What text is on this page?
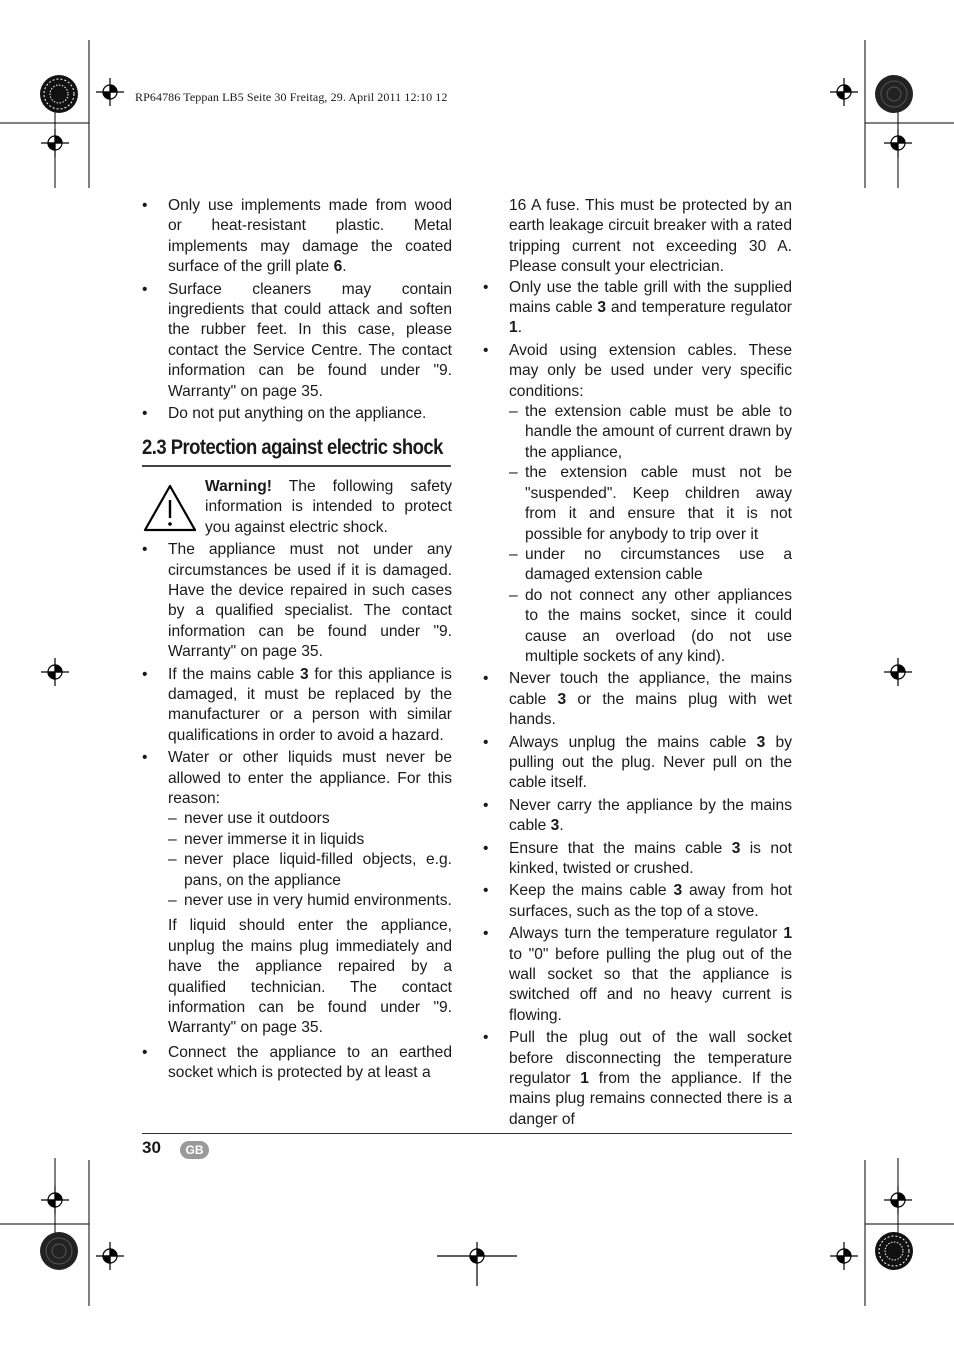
RP64786 Teppan LB5 Seite 30 Freitag, 29. April 2011 12:10 12

• Only use implements made from wood or heat-resistant plastic. Metal implements may damage the coated surface of the grill plate 6.

• Surface cleaners may contain ingredients that could attack and soften the rubber feet. In this case, please contact the Service Centre. The contact information can be found under "9. Warranty" on page 35.

• Do not put anything on the appliance.

2.3 Protection against electric shock

Warning! The following safety information is intended to protect you against electric shock.

• The appliance must not under any circumstances be used if it is damaged. Have the device repaired in such cases by a qualified specialist. The contact information can be found under "9. Warranty" on page 35.

• If the mains cable 3 for this appliance is damaged, it must be replaced by the manufacturer or a person with similar qualifications in order to avoid a hazard.

• Water or other liquids must never be allowed to enter the appliance. For this reason:

– never use it outdoors
– never immerse it in liquids
– never place liquid-filled objects, e.g. pans, on the appliance
– never use in very humid environments.

If liquid should enter the appliance, unplug the mains plug immediately and have the appliance repaired by a qualified technician. The contact information can be found under "9. Warranty" on page 35.

• Connect the appliance to an earthed socket which is protected by at least a

16 A fuse. This must be protected by an earth leakage circuit breaker with a rated tripping current not exceeding 30 A. Please consult your electrician.

• Only use the table grill with the supplied mains cable 3 and temperature regulator 1.

• Avoid using extension cables. These may only be used under very specific conditions:

– the extension cable must be able to handle the amount of current drawn by the appliance,
– the extension cable must not be "suspended". Keep children away from it and ensure that it is not possible for anybody to trip over it
– under no circumstances use a damaged extension cable
– do not connect any other appliances to the mains socket, since it could cause an overload (do not use multiple sockets of any kind).

• Never touch the appliance, the mains cable 3 or the mains plug with wet hands.

• Always unplug the mains cable 3 by pulling out the plug. Never pull on the cable itself.

• Never carry the appliance by the mains cable 3.

• Ensure that the mains cable 3 is not kinked, twisted or crushed.

• Keep the mains cable 3 away from hot surfaces, such as the top of a stove.

• Always turn the temperature regulator 1 to "0" before pulling the plug out of the wall socket so that the appliance is switched off and no heavy current is flowing.

• Pull the plug out of the wall socket before disconnecting the temperature regulator 1 from the appliance. If the mains plug remains connected there is a danger of

30	GB
